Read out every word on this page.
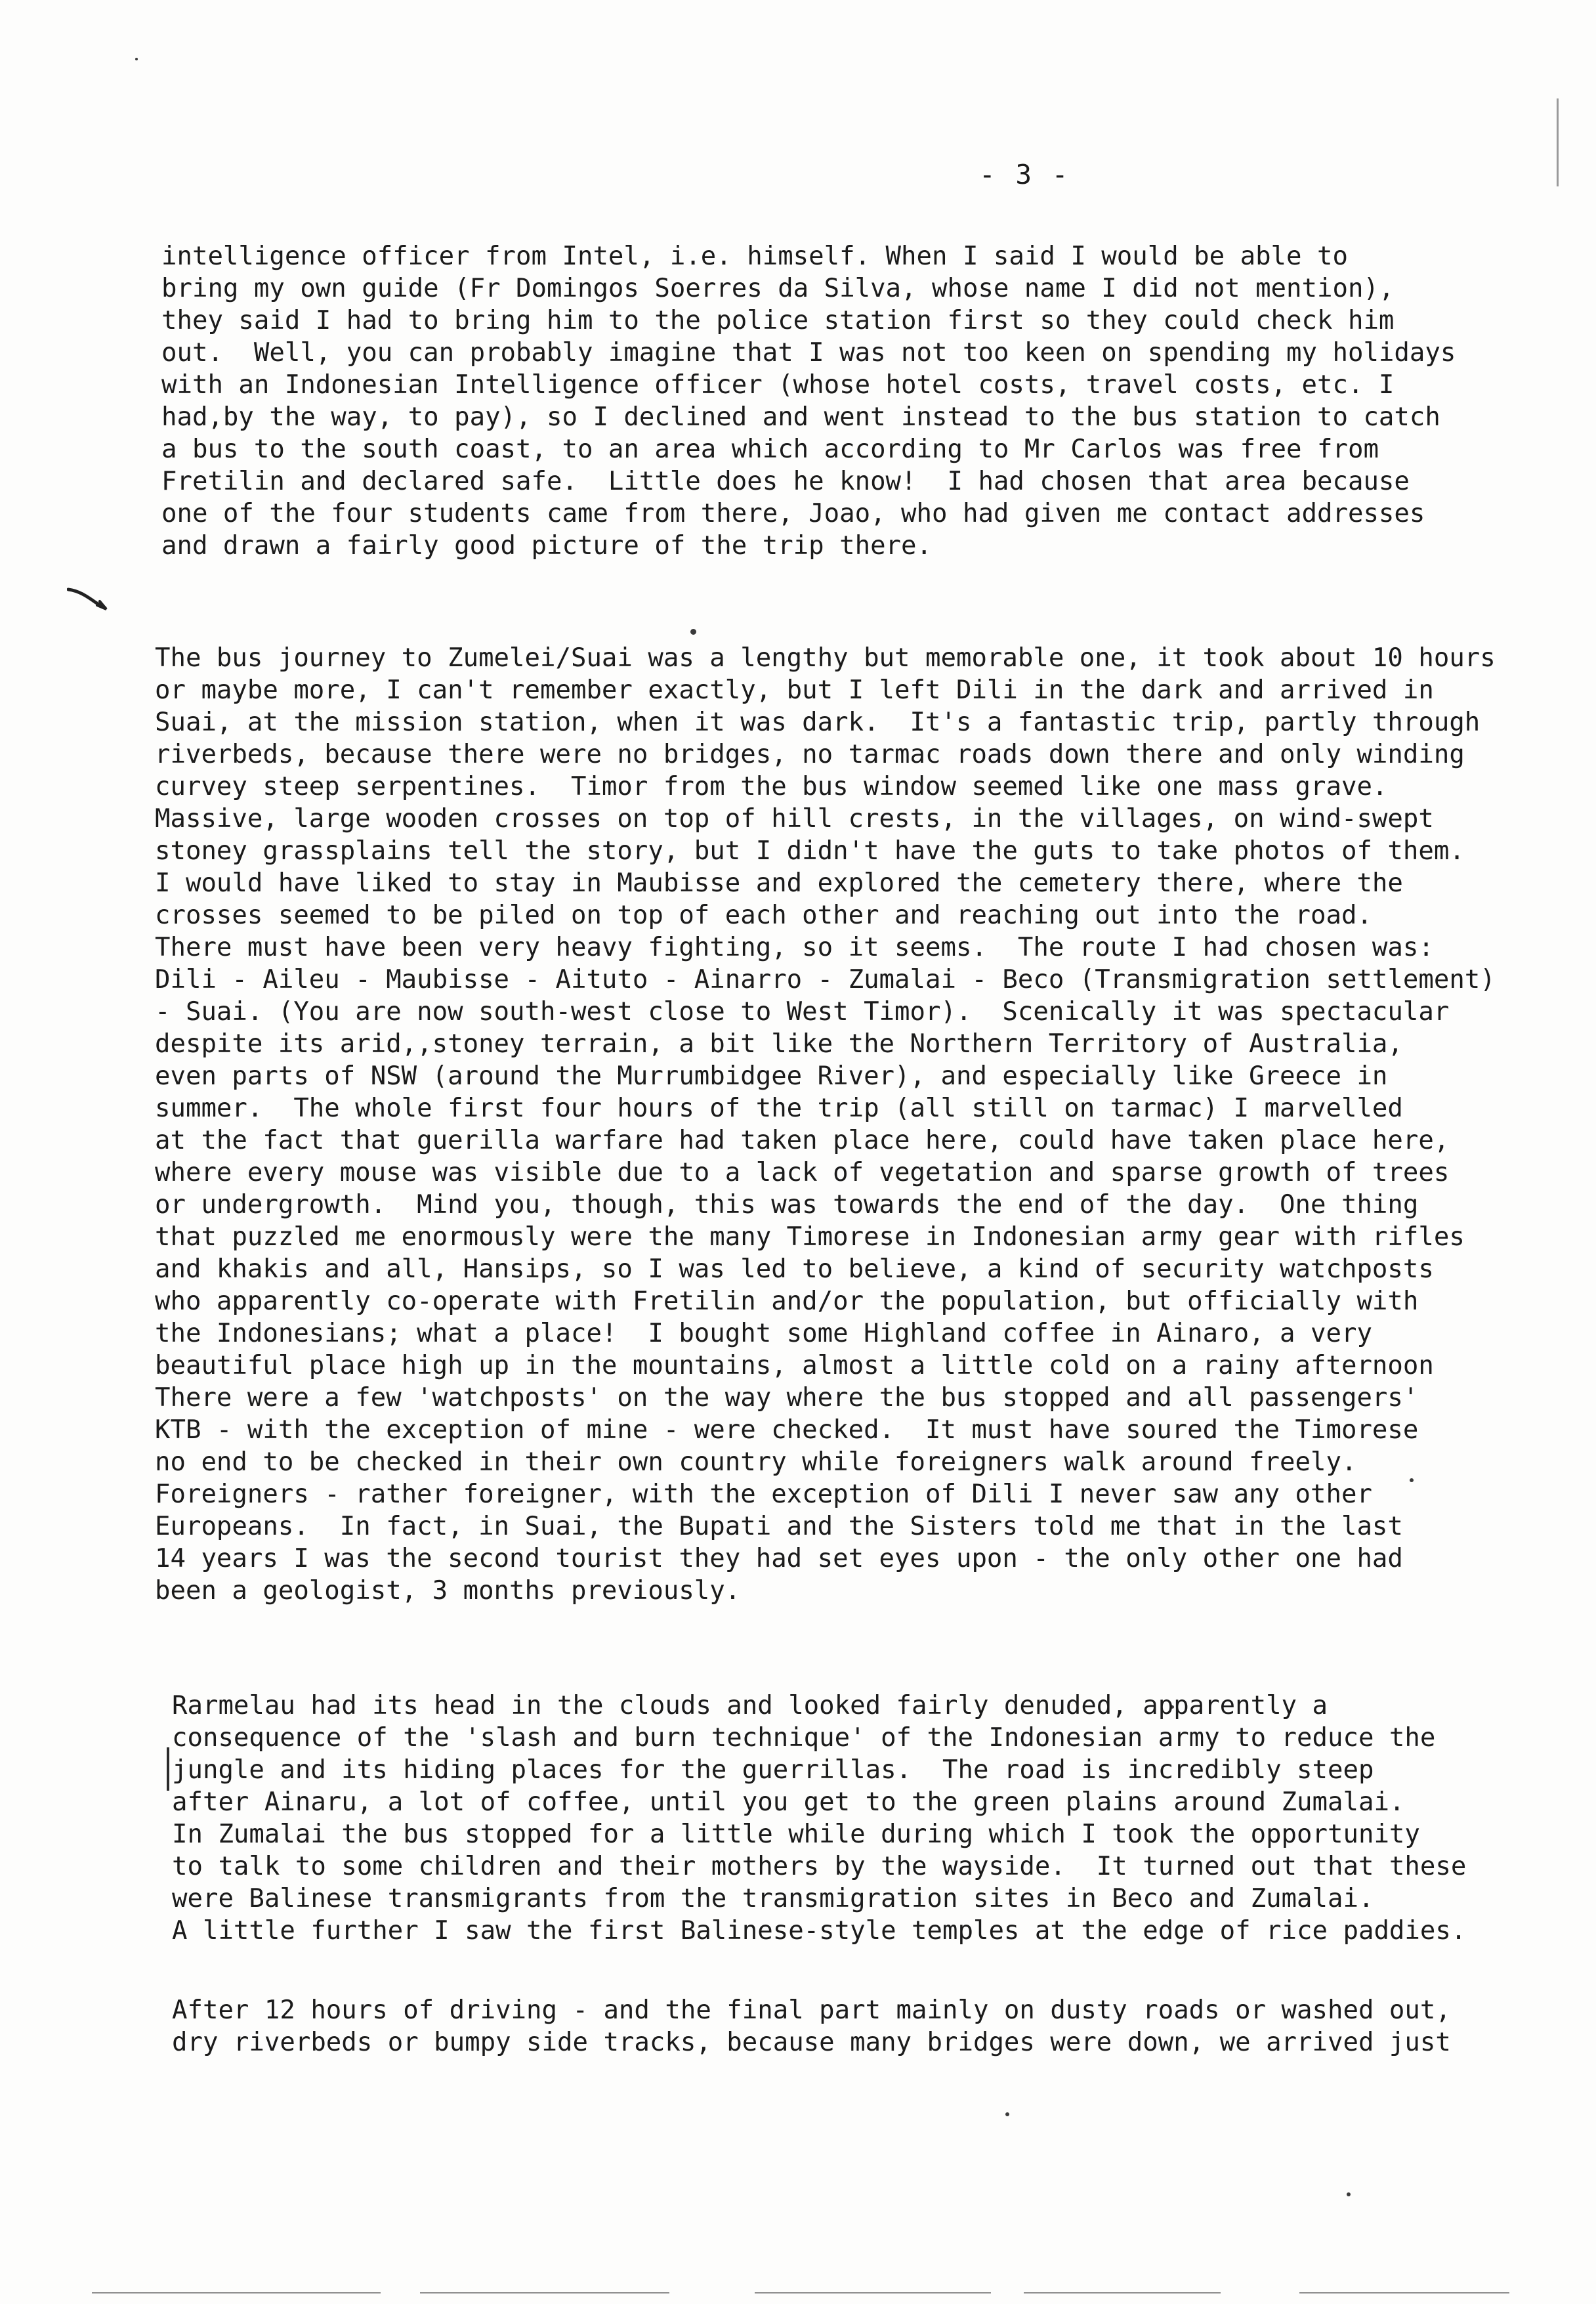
- 3 -

intelligence officer from Intel, i.e. himself. When I said I would be able to
bring my own guide (Fr Domingos Soerres da Silva, whose name I did not mention),
they said I had to bring him to the police station first so they could check him
out.  Well, you can probably imagine that I was not too keen on spending my holidays
with an Indonesian Intelligence officer (whose hotel costs, travel costs, etc. I
had,by the way, to pay), so I declined and went instead to the bus station to catch
a bus to the south coast, to an area which according to Mr Carlos was free from
Fretilin and declared safe.  Little does he know!  I had chosen that area because
one of the four students came from there, Joao, who had given me contact addresses
and drawn a fairly good picture of the trip there.

The bus journey to Zumelei/Suai was a lengthy but memorable one, it took about 10 hours
or maybe more, I can't remember exactly, but I left Dili in the dark and arrived in
Suai, at the mission station, when it was dark.  It's a fantastic trip, partly through
riverbeds, because there were no bridges, no tarmac roads down there and only winding
curvey steep serpentines.  Timor from the bus window seemed like one mass grave.
Massive, large wooden crosses on top of hill crests, in the villages, on wind-swept
stoney grassplains tell the story, but I didn't have the guts to take photos of them.
I would have liked to stay in Maubisse and explored the cemetery there, where the
crosses seemed to be piled on top of each other and reaching out into the road.
There must have been very heavy fighting, so it seems.  The route I had chosen was:
Dili - Aileu - Maubisse - Aituto - Ainarro - Zumalai - Beco (Transmigration settlement)
- Suai. (You are now south-west close to West Timor).  Scenically it was spectacular
despite its arid,,stoney terrain, a bit like the Northern Territory of Australia,
even parts of NSW (around the Murrumbidgee River), and especially like Greece in
summer.  The whole first four hours of the trip (all still on tarmac) I marvelled
at the fact that guerilla warfare had taken place here, could have taken place here,
where every mouse was visible due to a lack of vegetation and sparse growth of trees
or undergrowth.  Mind you, though, this was towards the end of the day.  One thing
that puzzled me enormously were the many Timorese in Indonesian army gear with rifles
and khakis and all, Hansips, so I was led to believe, a kind of security watchposts
who apparently co-operate with Fretilin and/or the population, but officially with
the Indonesians; what a place!  I bought some Highland coffee in Ainaro, a very
beautiful place high up in the mountains, almost a little cold on a rainy afternoon
There were a few 'watchposts' on the way where the bus stopped and all passengers'
KTB - with the exception of mine - were checked.  It must have soured the Timorese
no end to be checked in their own country while foreigners walk around freely.
Foreigners - rather foreigner, with the exception of Dili I never saw any other
Europeans.  In fact, in Suai, the Bupati and the Sisters told me that in the last
14 years I was the second tourist they had set eyes upon - the only other one had
been a geologist, 3 months previously.

Rarmelau had its head in the clouds and looked fairly denuded, apparently a
consequence of the 'slash and burn technique' of the Indonesian army to reduce the
jungle and its hiding places for the guerrillas.  The road is incredibly steep
after Ainaru, a lot of coffee, until you get to the green plains around Zumalai.
In Zumalai the bus stopped for a little while during which I took the opportunity
to talk to some children and their mothers by the wayside.  It turned out that these
were Balinese transmigrants from the transmigration sites in Beco and Zumalai.
A little further I saw the first Balinese-style temples at the edge of rice paddies.

After 12 hours of driving - and the final part mainly on dusty roads or washed out,
dry riverbeds or bumpy side tracks, because many bridges were down, we arrived just
